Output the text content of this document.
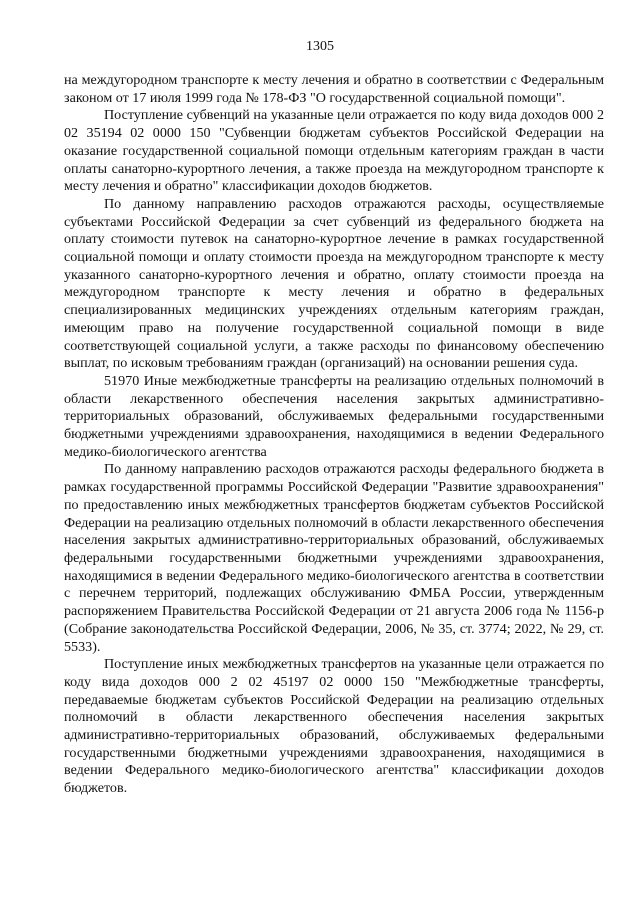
1305

на междугородном транспорте к месту лечения и обратно в соответствии с Федеральным законом от 17 июля 1999 года № 178-ФЗ "О государственной социальной помощи".

Поступление субвенций на указанные цели отражается по коду вида доходов 000 2 02 35194 02 0000 150 "Субвенции бюджетам субъектов Российской Федерации на оказание государственной социальной помощи отдельным категориям граждан в части оплаты санаторно-курортного лечения, а также проезда на междугородном транспорте к месту лечения и обратно" классификации доходов бюджетов.

По данному направлению расходов отражаются расходы, осуществляемые субъектами Российской Федерации за счет субвенций из федерального бюджета на оплату стоимости путевок на санаторно-курортное лечение в рамках государственной социальной помощи и оплату стоимости проезда на междугородном транспорте к месту указанного санаторно-курортного лечения и обратно, оплату стоимости проезда на междугородном транспорте к месту лечения и обратно в федеральных специализированных медицинских учреждениях отдельным категориям граждан, имеющим право на получение государственной социальной помощи в виде соответствующей социальной услуги, а также расходы по финансовому обеспечению выплат, по исковым требованиям граждан (организаций) на основании решения суда.

51970 Иные межбюджетные трансферты на реализацию отдельных полномочий в области лекарственного обеспечения населения закрытых административно-территориальных образований, обслуживаемых федеральными государственными бюджетными учреждениями здравоохранения, находящимися в ведении Федерального медико-биологического агентства

По данному направлению расходов отражаются расходы федерального бюджета в рамках государственной программы Российской Федерации "Развитие здравоохранения" по предоставлению иных межбюджетных трансфертов бюджетам субъектов Российской Федерации на реализацию отдельных полномочий в области лекарственного обеспечения населения закрытых административно-территориальных образований, обслуживаемых федеральными государственными бюджетными учреждениями здравоохранения, находящимися в ведении Федерального медико-биологического агентства в соответствии с перечнем территорий, подлежащих обслуживанию ФМБА России, утвержденным распоряжением Правительства Российской Федерации от 21 августа 2006 года № 1156-р (Собрание законодательства Российской Федерации, 2006, № 35, ст. 3774; 2022, № 29, ст. 5533).

Поступление иных межбюджетных трансфертов на указанные цели отражается по коду вида доходов 000 2 02 45197 02 0000 150 "Межбюджетные трансферты, передаваемые бюджетам субъектов Российской Федерации на реализацию отдельных полномочий в области лекарственного обеспечения населения закрытых административно-территориальных образований, обслуживаемых федеральными государственными бюджетными учреждениями здравоохранения, находящимися в ведении Федерального медико-биологического агентства" классификации доходов бюджетов.
